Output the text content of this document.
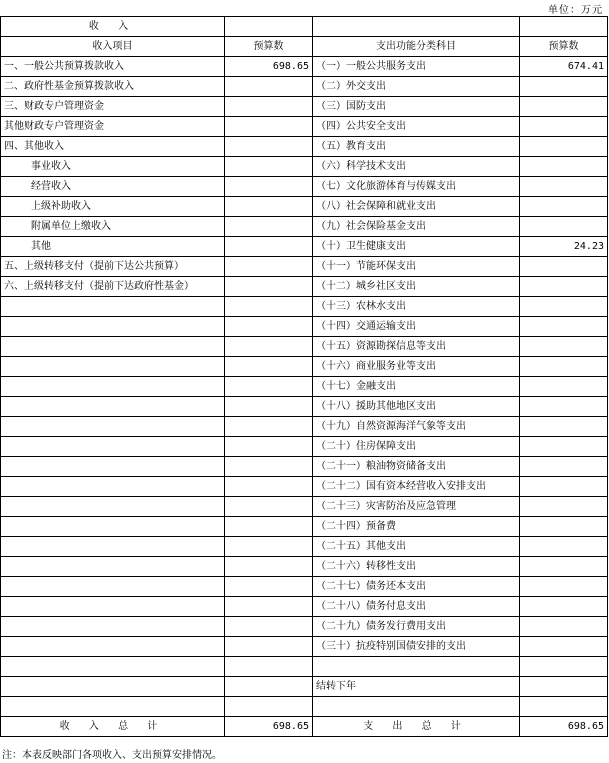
单位：万元
收 入			
收入项目	预算数	支出功能分类科目	预算数
一、一般公共预算拨款收入	698.65	（一）一般公共服务支出	674.41
二、政府性基金预算拨款收入		（二）外交支出	
三、财政专户管理资金		（三）国防支出	
其他财政专户管理资金		（四）公共安全支出	
四、其他收入		（五）教育支出	
事业收入		（六）科学技术支出	
经营收入		（七）文化旅游体育与传媒支出	
上级补助收入		（八）社会保障和就业支出	
附属单位上缴收入		（九）社会保险基金支出	
其他		（十）卫生健康支出	24.23
五、上级转移支付（提前下达公共预算）		（十一）节能环保支出	
六、上级转移支付（提前下达政府性基金）		（十二）城乡社区支出	
		（十三）农林水支出	
		（十四）交通运输支出	
		（十五）资源勘探信息等支出	
		（十六）商业服务业等支出	
		（十七）金融支出	
		（十八）援助其他地区支出	
		（十九）自然资源海洋气象等支出	
		（二十）住房保障支出	
		（二十一）粮油物资储备支出	
		（二十二）国有资本经营收入安排支出	
		（二十三）灾害防治及应急管理	
		（二十四）预备费	
		（二十五）其他支出	
		（二十六）转移性支出	
		（二十七）债务还本支出	
		（二十八）债务付息支出	
		（二十九）债务发行费用支出	
		（三十）抗疫特别国债安排的支出	

		结转下年	

收 入 总 计	698.65	支 出 总 计	698.65
注：本表反映部门各项收入、支出预算安排情况。
